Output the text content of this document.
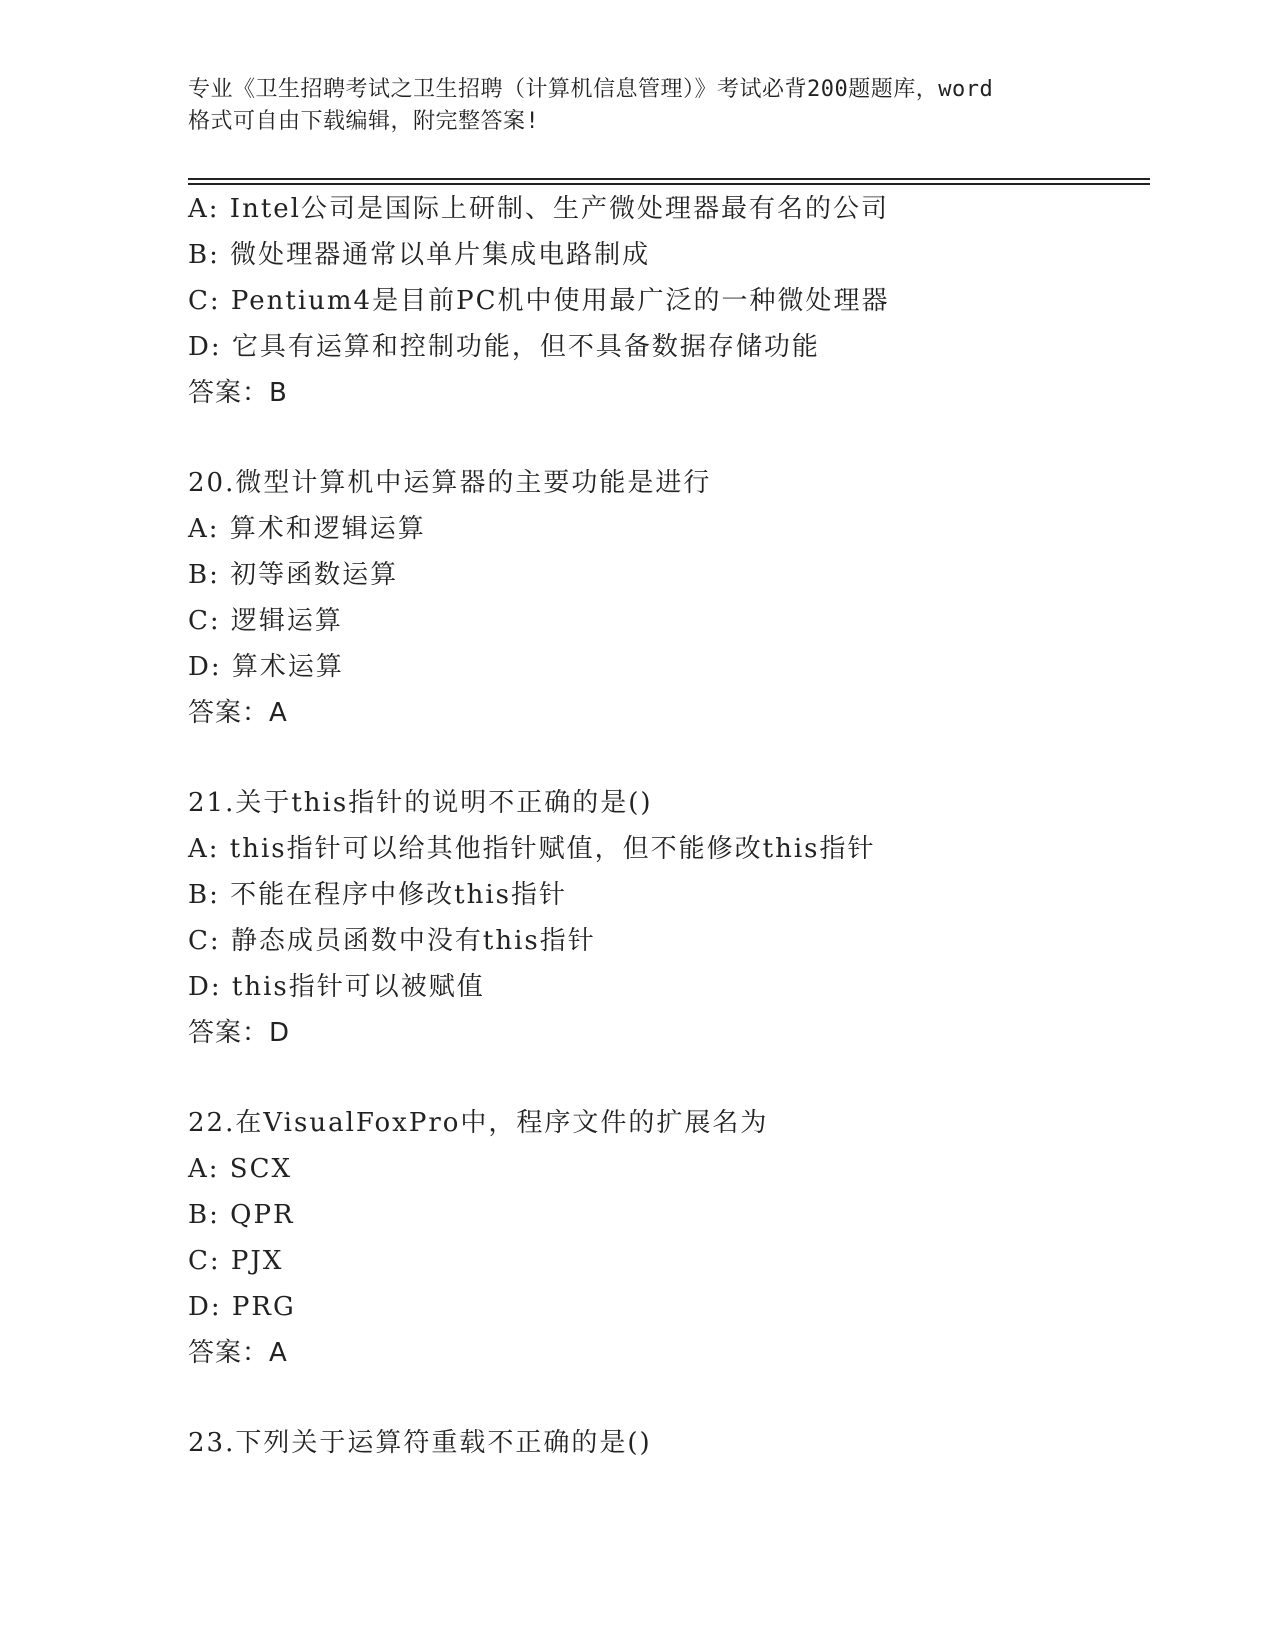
专业《卫生招聘考试之卫生招聘（计算机信息管理）》考试必背200题题库，word
格式可自由下载编辑，附完整答案!
A: Intel公司是国际上研制、生产微处理器最有名的公司
B: 微处理器通常以单片集成电路制成
C: Pentium4是目前PC机中使用最广泛的一种微处理器
D: 它具有运算和控制功能，但不具备数据存储功能
答案：B
20.微型计算机中运算器的主要功能是进行
A: 算术和逻辑运算
B: 初等函数运算
C: 逻辑运算
D: 算术运算
答案：A
21.关于this指针的说明不正确的是()
A: this指针可以给其他指针赋值，但不能修改this指针
B: 不能在程序中修改this指针
C: 静态成员函数中没有this指针
D: this指针可以被赋值
答案：D
22.在VisualFoxPro中，程序文件的扩展名为
A: SCX
B: QPR
C: PJX
D: PRG
答案：A
23.下列关于运算符重载不正确的是()
